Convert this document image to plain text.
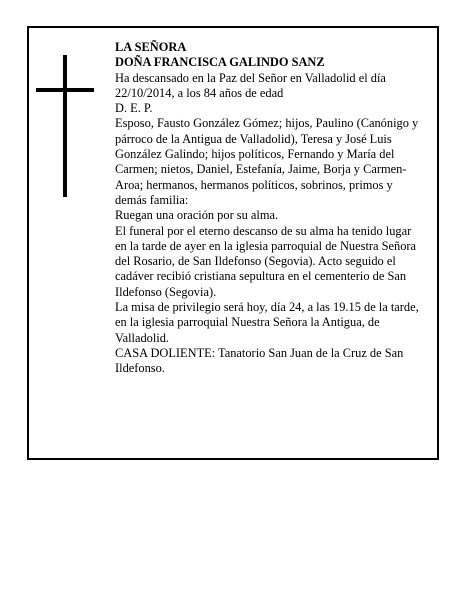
LA SEÑORA

DOÑA FRANCISCA GALINDO SANZ

Ha descansado en la Paz del Señor en Valladolid el día 22/10/2014, a los 84 años de edad

D. E. P.

Esposo, Fausto González Gómez; hijos, Paulino (Canónigo y párroco de la Antigua de Valladolid), Teresa y José Luis González Galindo; hijos políticos, Fernando y María del Carmen; nietos, Daniel, Estefanía, Jaime, Borja y Carmen-Aroa; hermanos, hermanos políticos, sobrinos, primos y demás familia:

Ruegan una oración por su alma.

El funeral por el eterno descanso de su alma ha tenido lugar en la tarde de ayer en la iglesia parroquial de Nuestra Señora del Rosario, de San Ildefonso (Segovia). Acto seguido el cadáver recibió cristiana sepultura en el cementerio de San Ildefonso (Segovia).

La misa de privilegio será hoy, día 24, a las 19.15 de la tarde, en la iglesia parroquial Nuestra Señora la Antigua, de Valladolid.

CASA DOLIENTE: Tanatorio San Juan de la Cruz de San Ildefonso.
